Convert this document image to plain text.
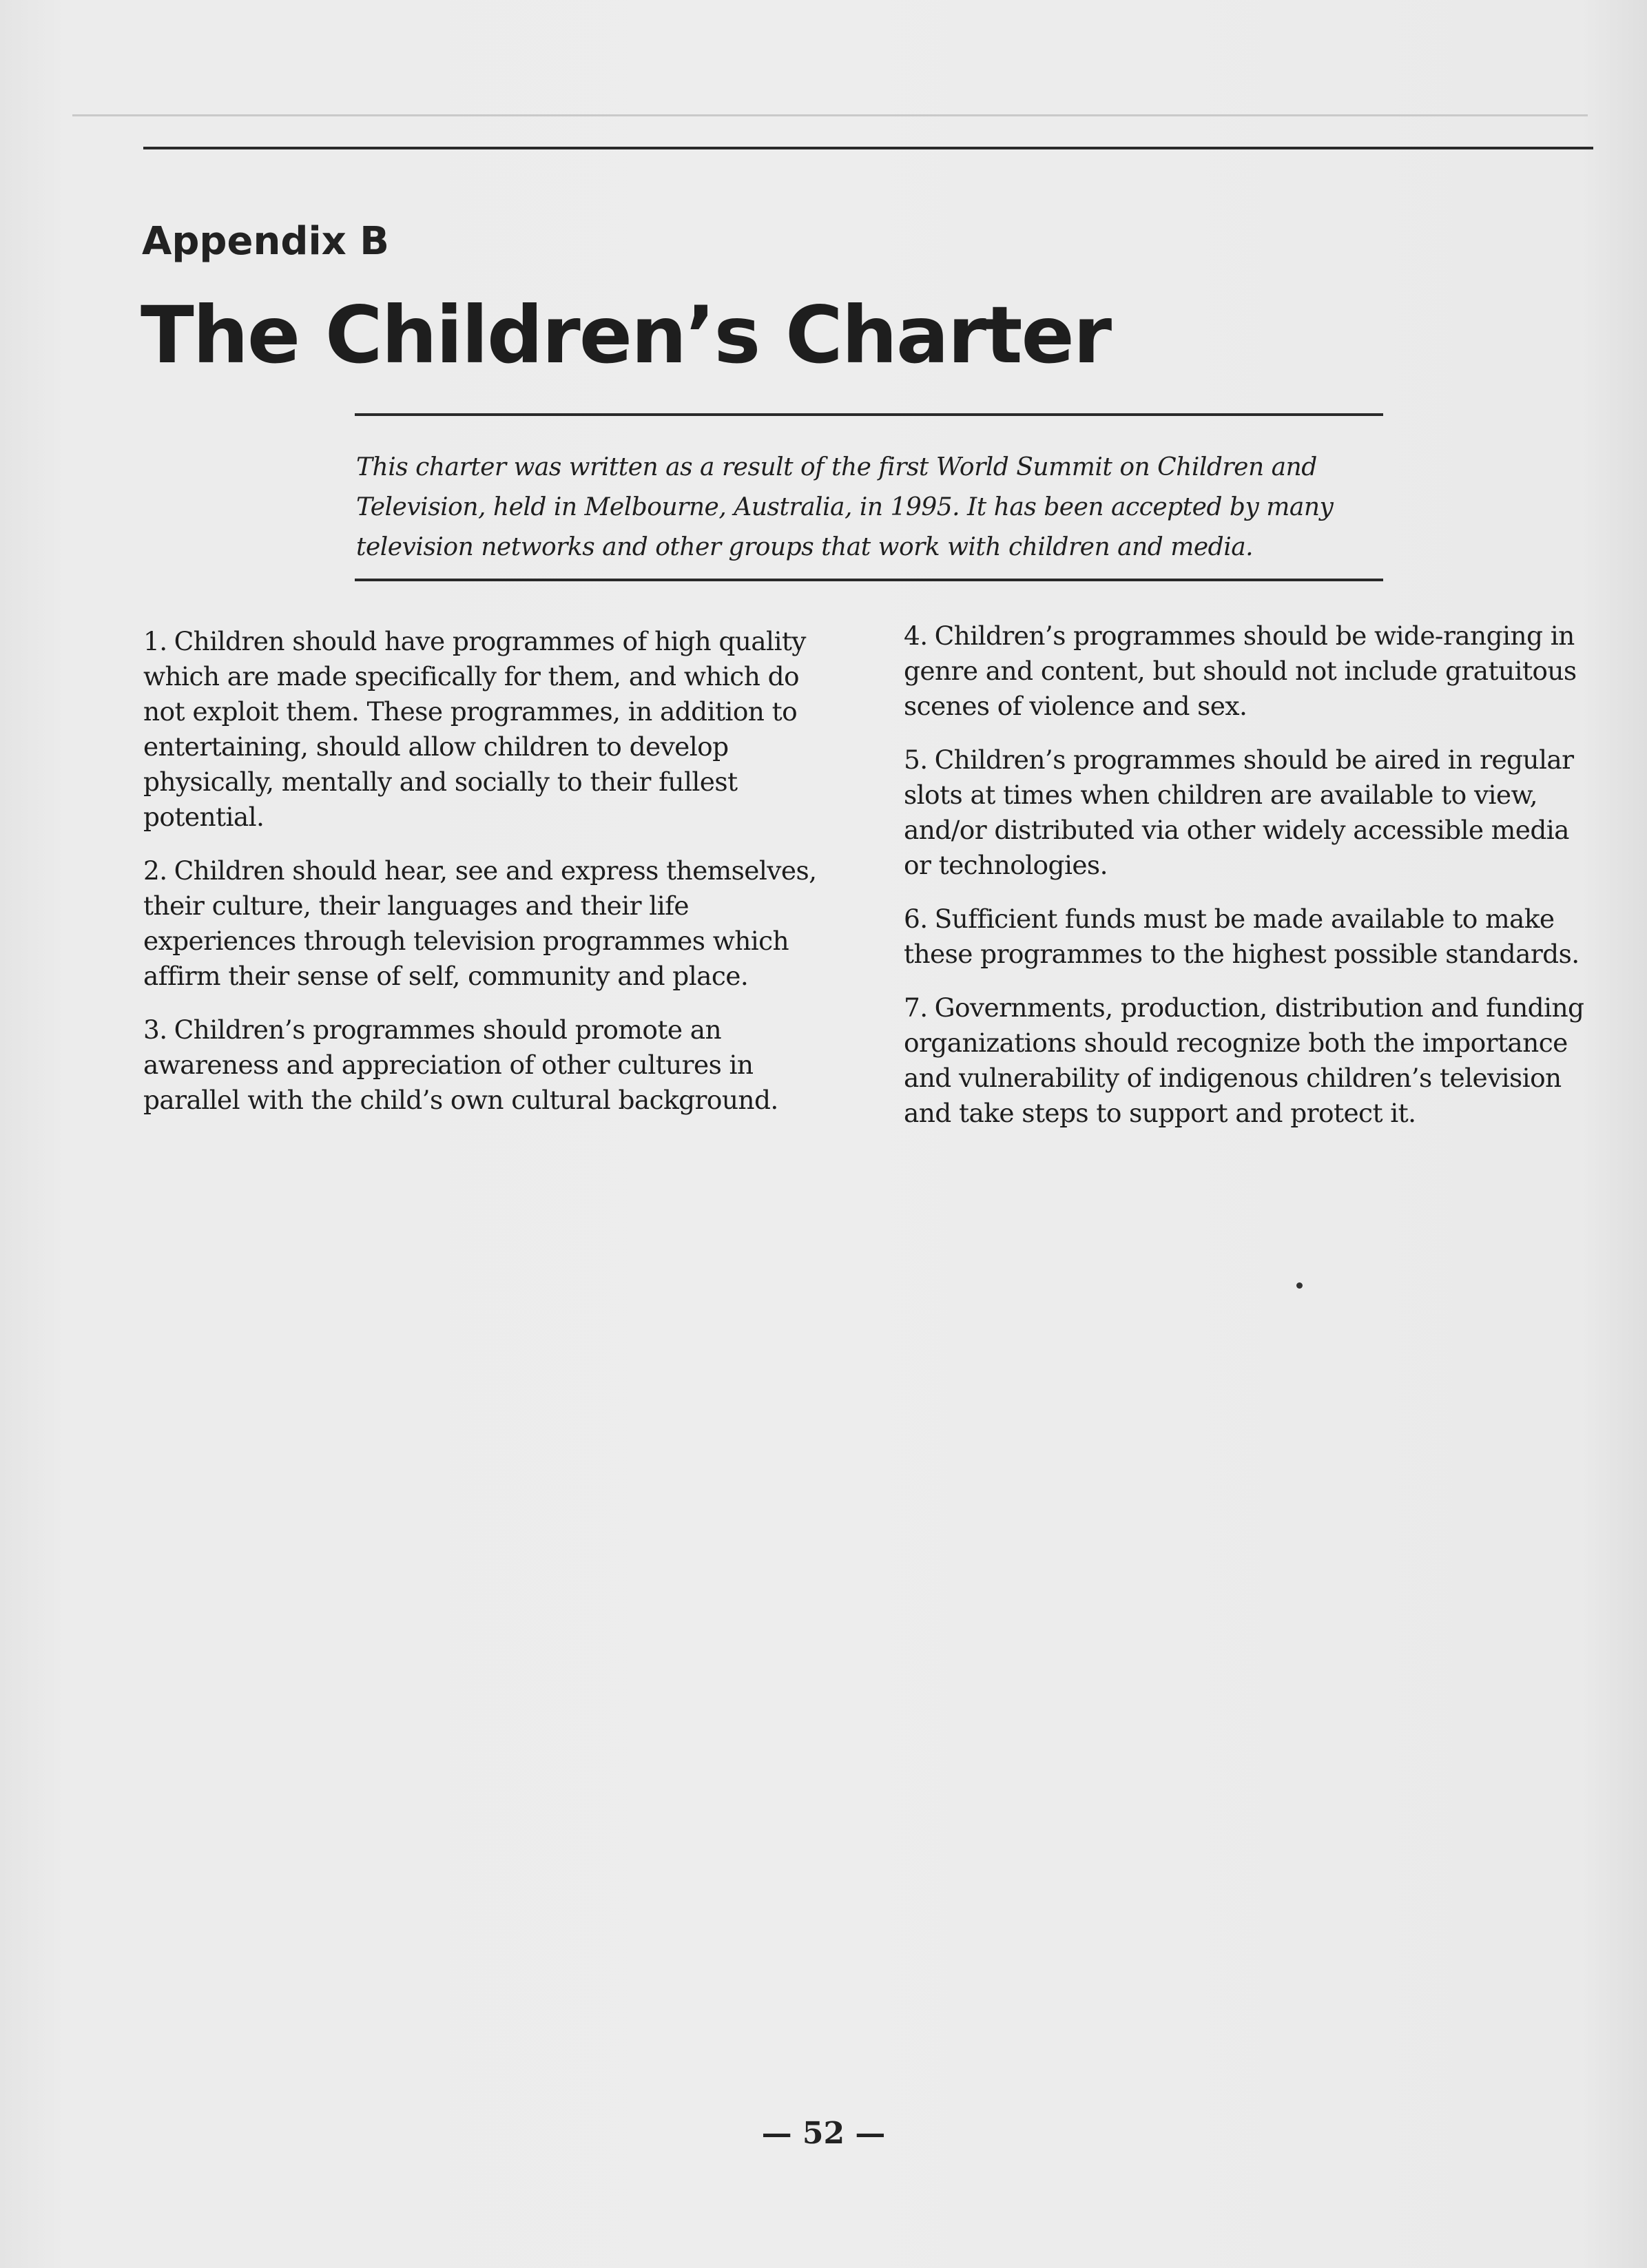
Appendix B
The Children’s Charter
This charter was written as a result of the first World Summit on Children and Television, held in Melbourne, Australia, in 1995. It has been accepted by many television networks and other groups that work with children and media.

1. Children should have programmes of high quality which are made specifically for them, and which do not exploit them. These programmes, in addition to entertaining, should allow children to develop physically, mentally and socially to their fullest potential.

2. Children should hear, see and express themselves, their culture, their languages and their life experiences through television programmes which affirm their sense of self, community and place.

3. Children’s programmes should promote an awareness and appreciation of other cultures in parallel with the child’s own cultural background.

4. Children’s programmes should be wide-ranging in genre and content, but should not include gratuitous scenes of violence and sex.

5. Children’s programmes should be aired in regular slots at times when children are available to view, and/or distributed via other widely accessible media or technologies.

6. Sufficient funds must be made available to make these programmes to the highest possible standards.

7. Governments, production, distribution and funding organizations should recognize both the importance and vulnerability of indigenous children’s television and take steps to support and protect it.

— 52 —
